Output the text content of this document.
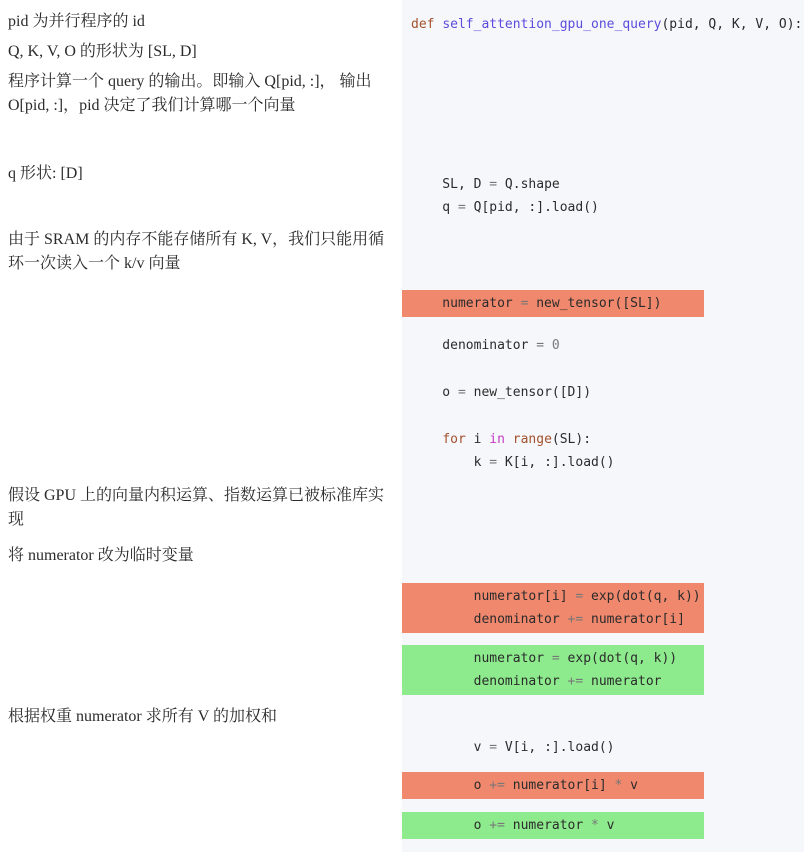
pid 为并行程序的 id
Q, K, V, O 的形状为 [SL, D]
程序计算一个 query 的输出。即输入 Q[pid, :]， 输出 O[pid, :]，pid 决定了我们计算哪一个向量
q 形状: [D]
由于 SRAM 的内存不能存储所有 K, V，我们只能用循环一次读入一个 k/v 向量
假设 GPU 上的向量内积运算、指数运算已被标准库实现
将 numerator 改为临时变量
根据权重 numerator 求所有 V 的加权和
def self_attention_gpu_one_query(pid, Q, K, V, O):
SL, D = Q.shape
q = Q[pid, :].load()
numerator = new_tensor([SL])
denominator = 0
o = new_tensor([D])
for i in range(SL):
k = K[i, :].load()
numerator[i] = exp(dot(q, k))
denominator += numerator[i]
numerator = exp(dot(q, k))
denominator += numerator
v = V[i, :].load()
o += numerator[i] * v
o += numerator * v
